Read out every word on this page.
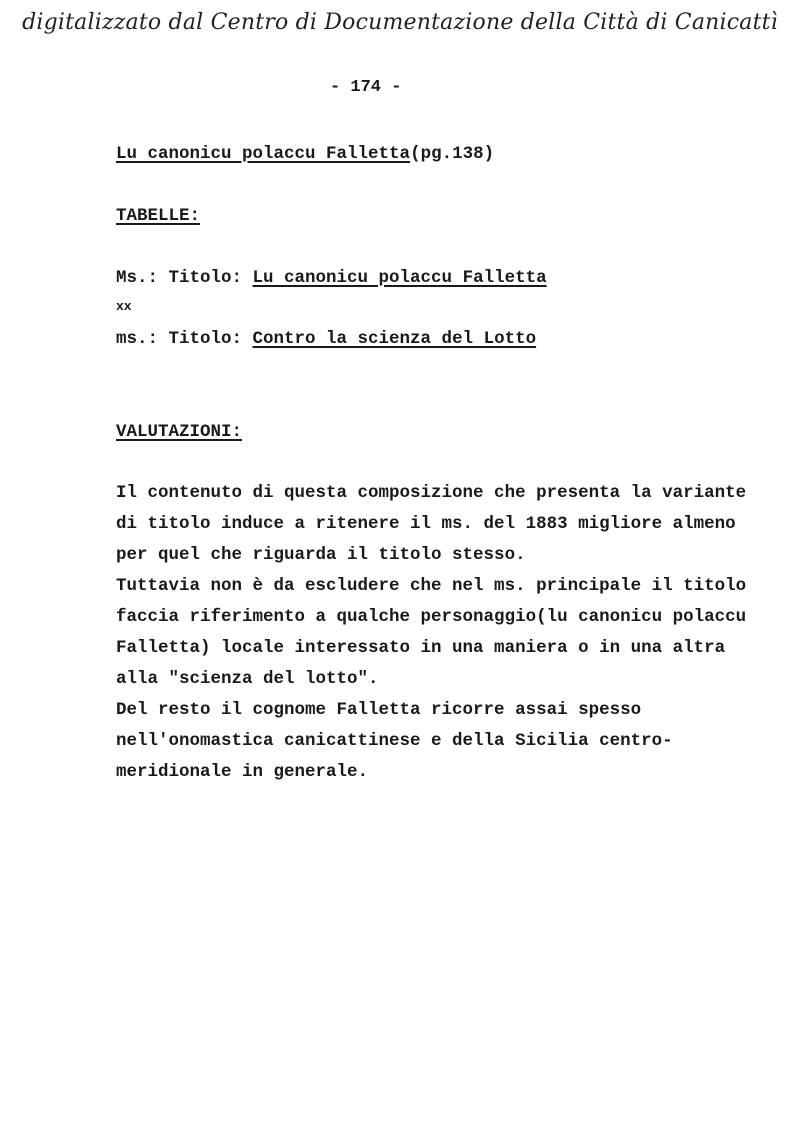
digitalizzato dal Centro di Documentazione della Città di Canicattì
- 174 -
Lu canonicu polaccu Falletta(pg.138)
TABELLE:
Ms.: Titolo: Lu canonicu polaccu Falletta
xx
ms.: Titolo: Contro la scienza del Lotto
VALUTAZIONI:

Il contenuto di questa composizione che presenta la variante di titolo induce a ritenere il ms. del 1883 migliore almeno per quel che riguarda il titolo stesso.

Tuttavia non è da escludere che nel ms. principale il titolo faccia riferimento a qualche personaggio(lu canonicu polaccu Falletta) locale interessato in una maniera o in una altra alla "scienza del lotto".

Del resto il cognome Falletta ricorre assai spesso nell'onomastica canicattinese e della Sicilia centro-meridionale in generale.
